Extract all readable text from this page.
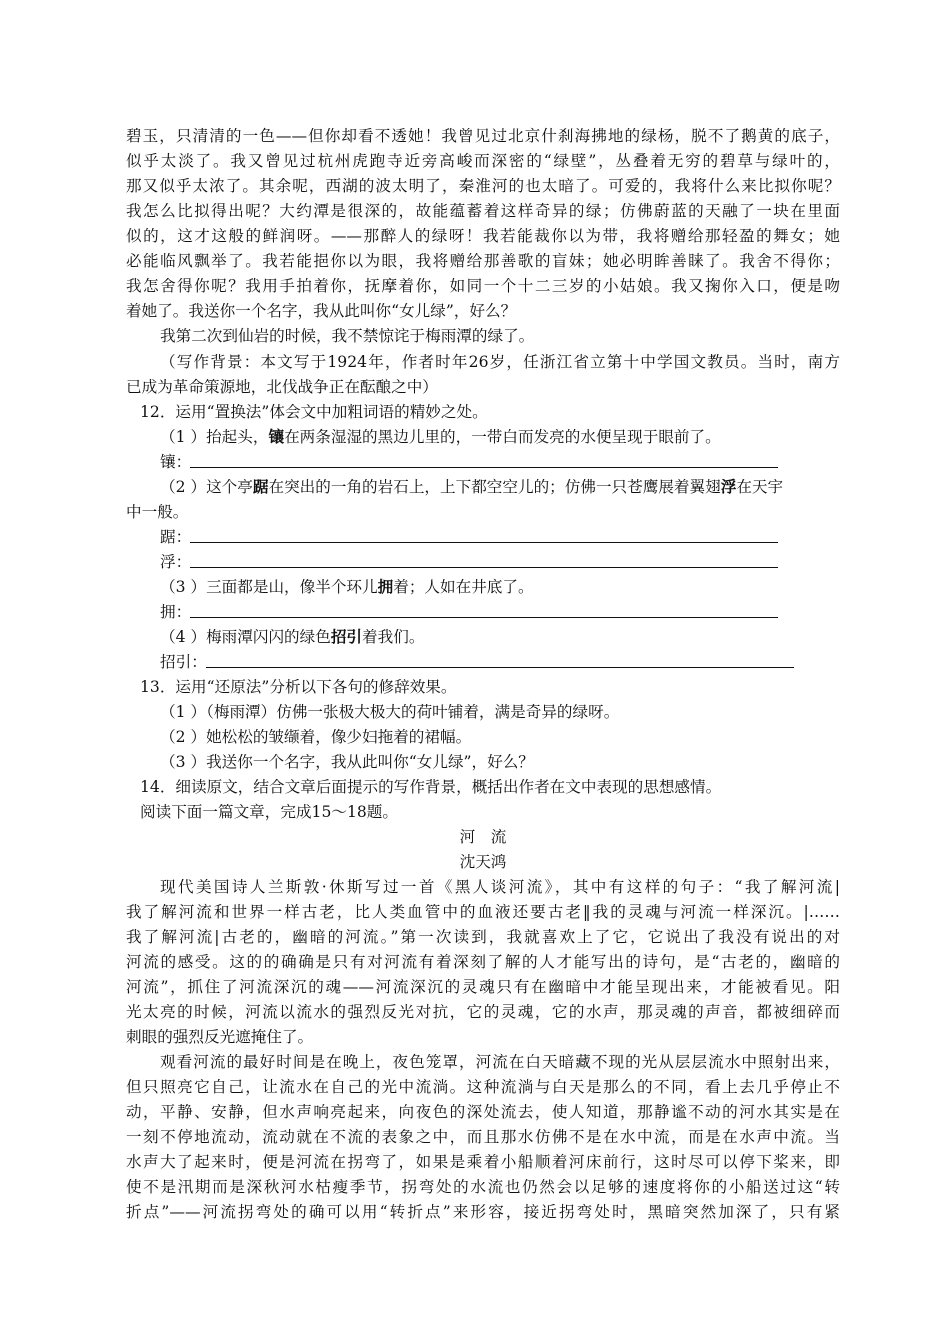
碧玉，只清清的一色——但你却看不透她！我曾见过北京什刹海拂地的绿杨，脱不了鹅黄的底子，
似乎太淡了。我又曾见过杭州虎跑寺近旁高峻而深密的“绿壁”，丛叠着无穷的碧草与绿叶的，
那又似乎太浓了。其余呢，西湖的波太明了，秦淮河的也太暗了。可爱的，我将什么来比拟你呢？
我怎么比拟得出呢？大约潭是很深的，故能蕴蓄着这样奇异的绿；仿佛蔚蓝的天融了一块在里面
似的，这才这般的鲜润呀。——那醉人的绿呀！我若能裁你以为带，我将赠给那轻盈的舞女；她
必能临风飘举了。我若能挹你以为眼，我将赠给那善歌的盲妹；她必明眸善睐了。我舍不得你；
我怎舍得你呢？我用手拍着你，抚摩着你，如同一个十二三岁的小姑娘。我又掬你入口，便是吻
着她了。我送你一个名字，我从此叫你“女儿绿”，好么？
我第二次到仙岩的时候，我不禁惊诧于梅雨潭的绿了。
（写作背景：本文写于1924年，作者时年26岁，任浙江省立第十中学国文教员。当时，南方
已成为革命策源地，北伐战争正在酝酿之中）
12．运用“置换法”体会文中加粗词语的精妙之处。
（1 ）抬起头，镶在两条湿湿的黑边儿里的，一带白而发亮的水便呈现于眼前了。
镶：
（2 ）这个亭踞在突出的一角的岩石上，上下都空空儿的；仿佛一只苍鹰展着翼翅浮在天宇
中一般。
踞：
浮：
（3 ）三面都是山，像半个环儿拥着；人如在井底了。
拥：
（4 ）梅雨潭闪闪的绿色招引着我们。
招引：
13．运用“还原法”分析以下各句的修辞效果。
（1 ）（梅雨潭）仿佛一张极大极大的荷叶铺着，满是奇异的绿呀。
（2 ）她松松的皱缬着，像少妇拖着的裙幅。
（3 ）我送你一个名字，我从此叫你“女儿绿”，好么？
14．细读原文，结合文章后面提示的写作背景，概括出作者在文中表现的思想感情。
阅读下面一篇文章，完成15～18题。
河　流
沈天鸿
现代美国诗人兰斯敦·休斯写过一首《黑人谈河流》，其中有这样的句子：“我了解河流|
我了解河流和世界一样古老，比人类血管中的血液还要古老‖我的灵魂与河流一样深沉。|……
我了解河流|古老的，幽暗的河流。”第一次读到，我就喜欢上了它，它说出了我没有说出的对
河流的感受。这的的确确是只有对河流有着深刻了解的人才能写出的诗句，是“古老的，幽暗的
河流”，抓住了河流深沉的魂——河流深沉的灵魂只有在幽暗中才能呈现出来，才能被看见。阳
光太亮的时候，河流以流水的强烈反光对抗，它的灵魂，它的水声，那灵魂的声音，都被细碎而
刺眼的强烈反光遮掩住了。
观看河流的最好时间是在晚上，夜色笼罩，河流在白天暗藏不现的光从层层流水中照射出来，
但只照亮它自己，让流水在自己的光中流淌。这种流淌与白天是那么的不同，看上去几乎停止不
动，平静、安静，但水声响亮起来，向夜色的深处流去，使人知道，那静谧不动的河水其实是在
一刻不停地流动，流动就在不流的表象之中，而且那水仿佛不是在水中流，而是在水声中流。当
水声大了起来时，便是河流在拐弯了，如果是乘着小船顺着河床前行，这时尽可以停下桨来，即
使不是汛期而是深秋河水枯瘦季节，拐弯处的水流也仍然会以足够的速度将你的小船送过这“转
折点”——河流拐弯处的确可以用“转折点”来形容，接近拐弯处时，黑暗突然加深了，只有紧
